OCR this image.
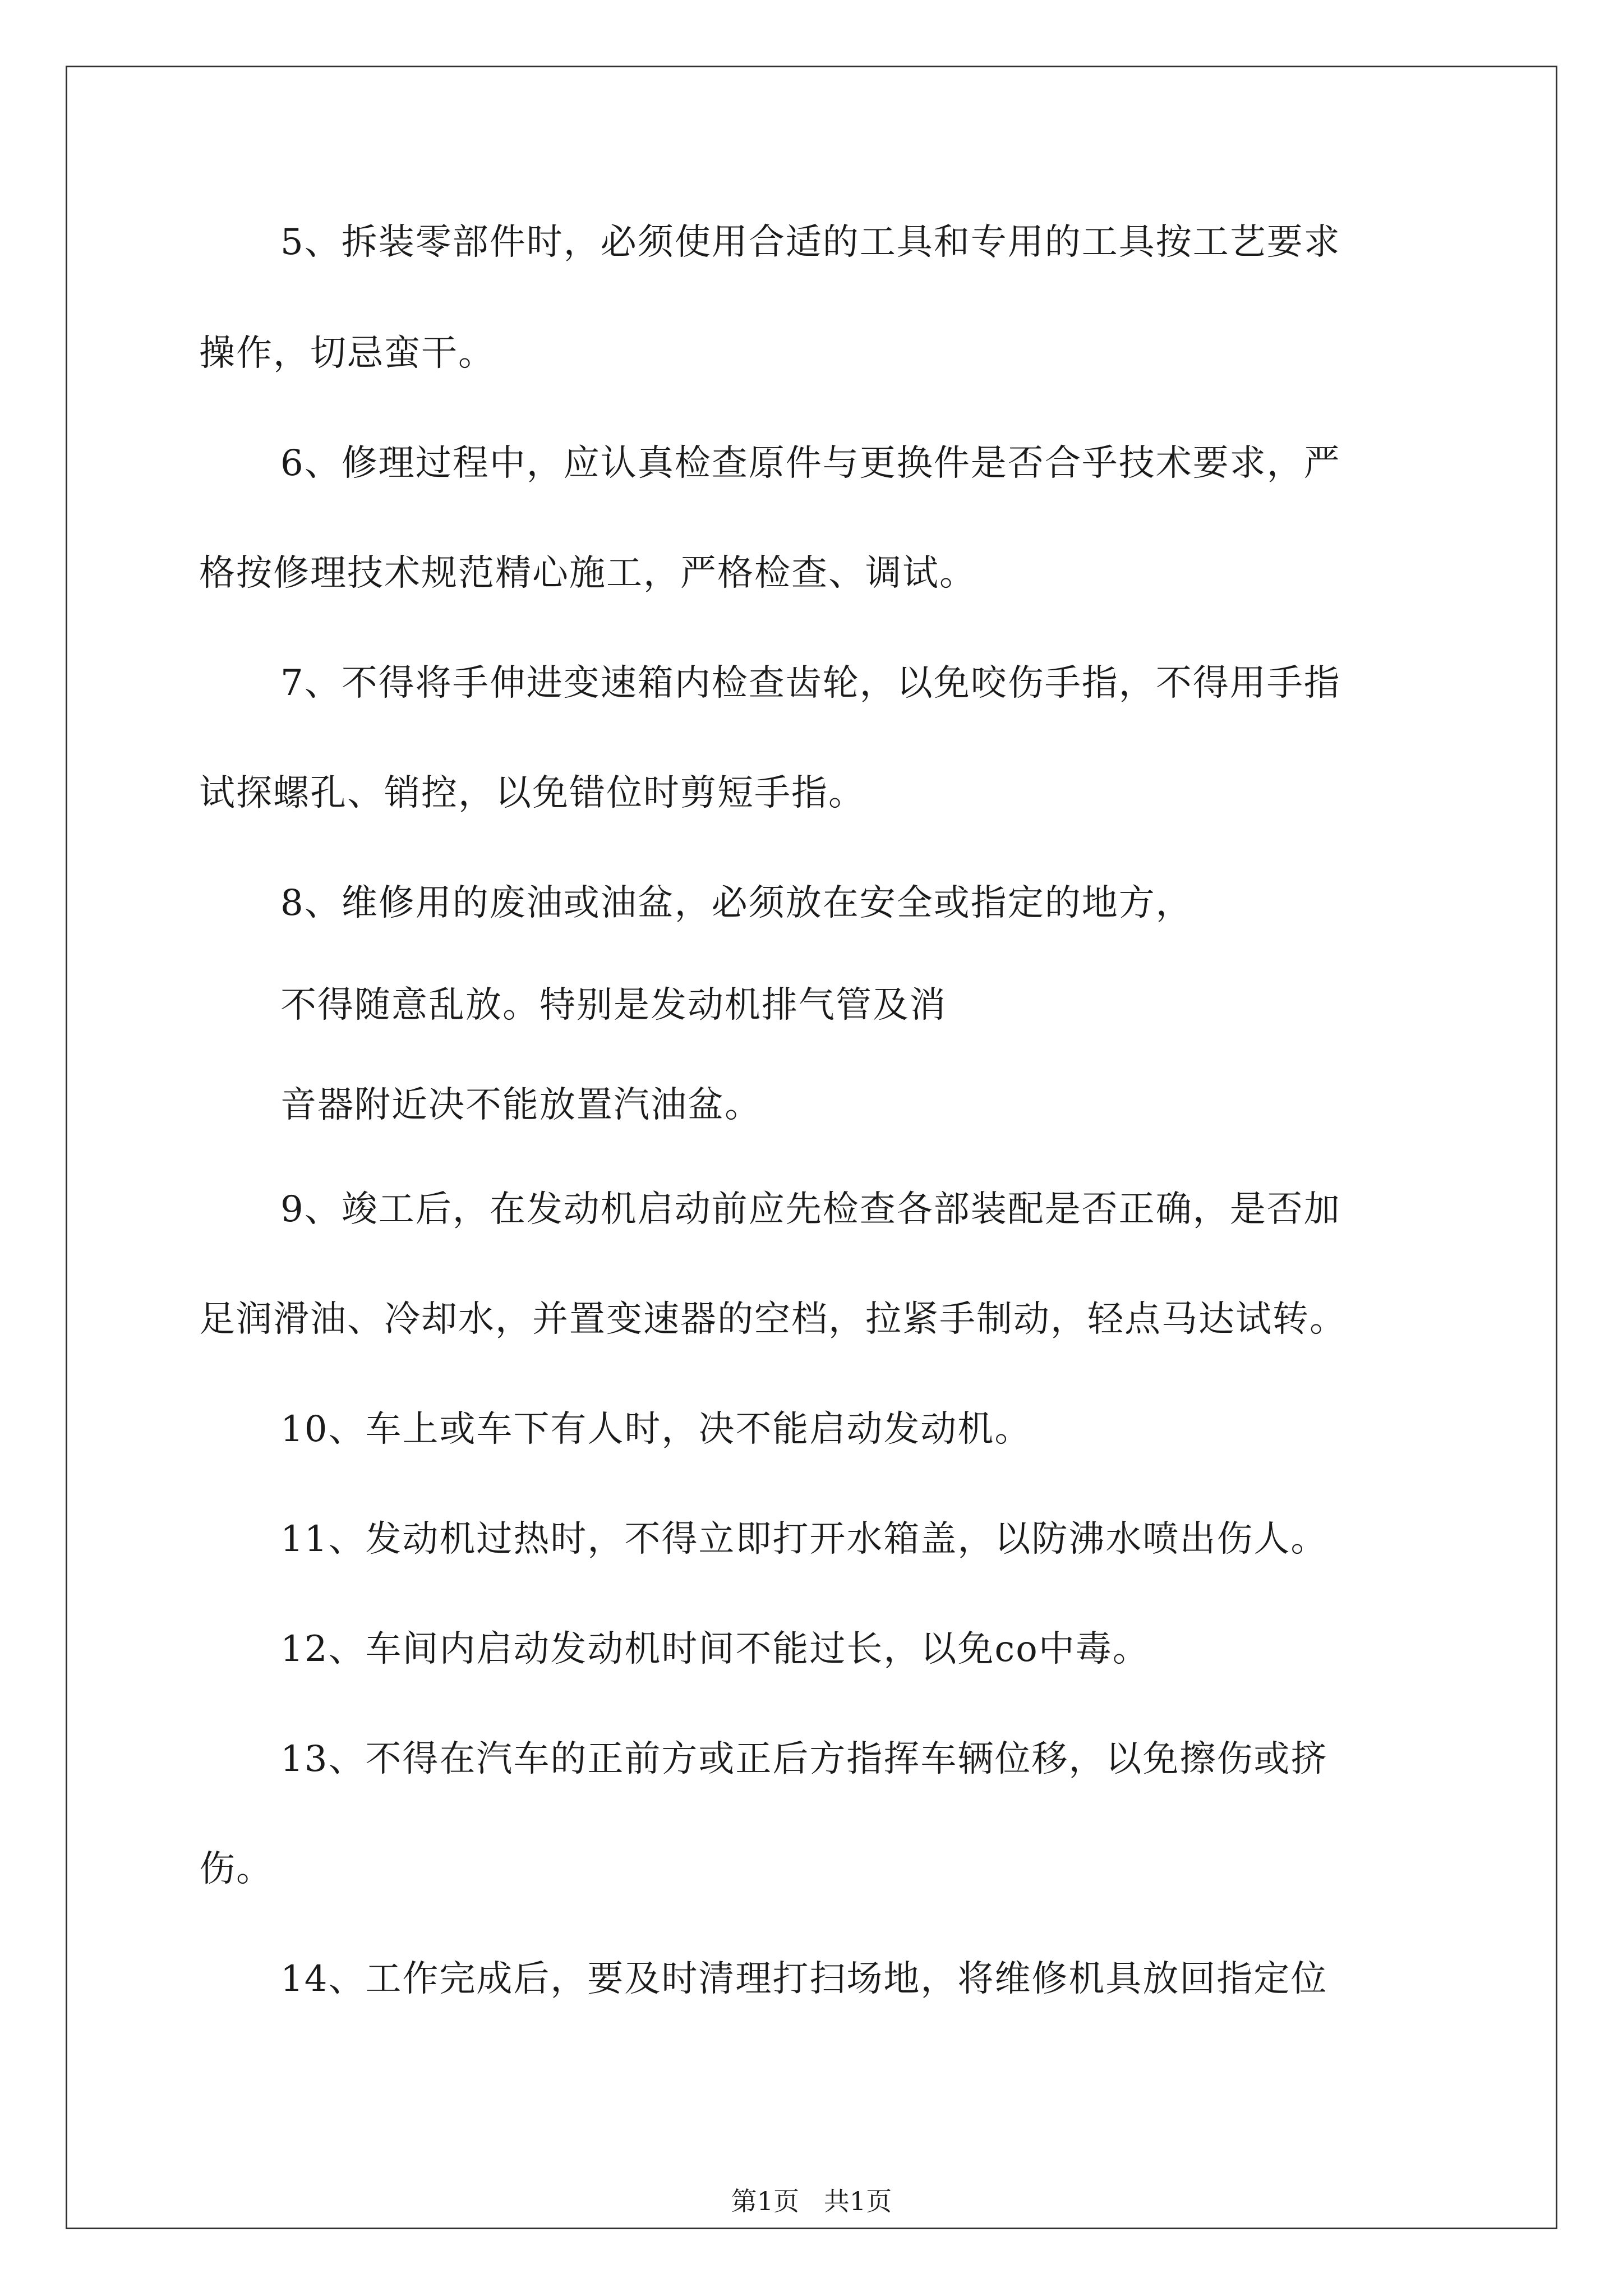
5、拆装零部件时，必须使用合适的工具和专用的工具按工艺要求
操作，切忌蛮干。
6、修理过程中，应认真检查原件与更换件是否合乎技术要求，严
格按修理技术规范精心施工，严格检查、调试。
7、不得将手伸进变速箱内检查齿轮，以免咬伤手指，不得用手指
试探螺孔、销控，以免错位时剪短手指。
8、维修用的废油或油盆，必须放在安全或指定的地方，
不得随意乱放。特别是发动机排气管及消
音器附近决不能放置汽油盆。
9、竣工后，在发动机启动前应先检查各部装配是否正确，是否加
足润滑油、冷却水，并置变速器的空档，拉紧手制动，轻点马达试转。
10、车上或车下有人时，决不能启动发动机。
11、发动机过热时，不得立即打开水箱盖，以防沸水喷出伤人。
12、车间内启动发动机时间不能过长，以免co中毒。
13、不得在汽车的正前方或正后方指挥车辆位移，以免擦伤或挤
伤。
14、工作完成后，要及时清理打扫场地，将维修机具放回指定位
第1页   共1页
